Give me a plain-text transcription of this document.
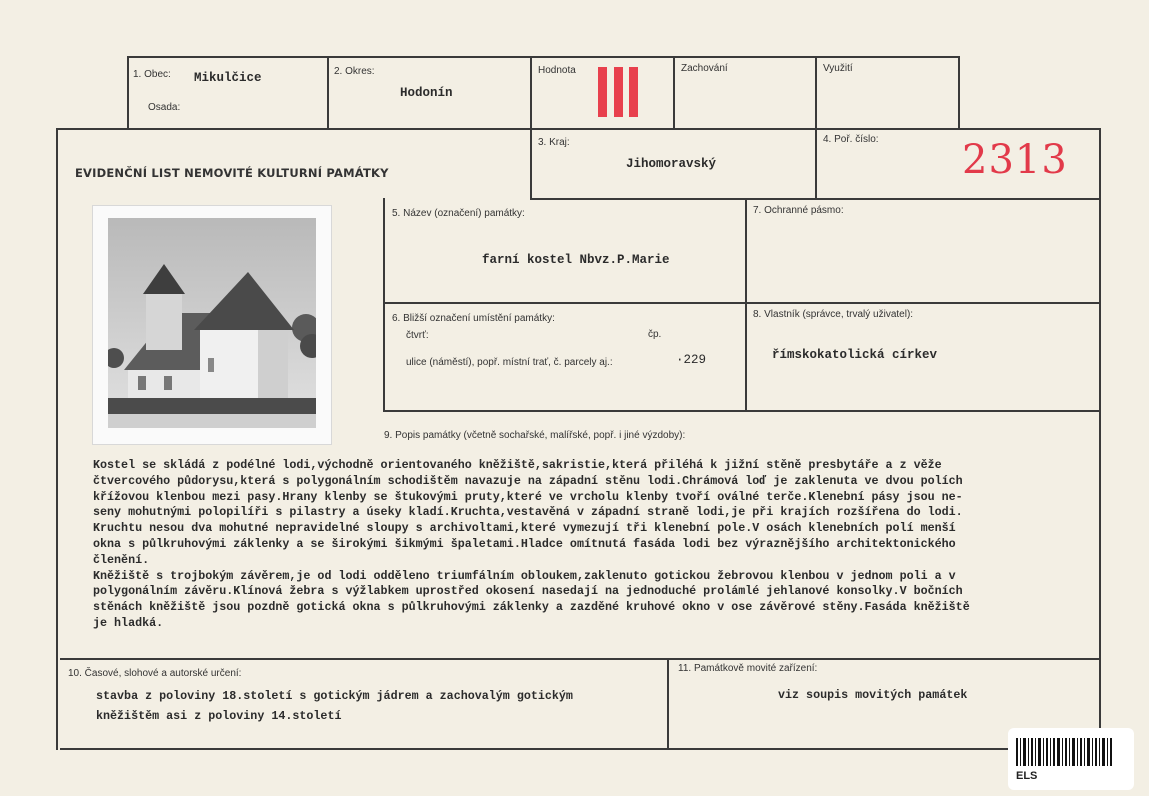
1. Obec: Mikulčice
Osada:
2. Okres:
Hodonín
Hodnota	Zachování	Využití
EVIDENČNÍ LIST NEMOVITÉ KULTURNÍ PAMÁTKY
3. Kraj:
Jihomoravský
4. Poř. číslo: 2313
5. Název (označení) památky:
farní kostel Nbvz.P.Marie
7. Ochranné pásmo:
6. Bližší označení umístění památky:
čtvrť:	čp.
ulice (náměstí), popř. místní trať, č. parcely aj.:	·229
8. Vlastník (správce, trvalý uživatel):
římskokatolická církev
9. Popis památky (včetně sochařské, malířské, popř. i jiné výzdoby):
Kostel se skládá z podélné lodi,východně orientovaného kněžiště,sakristie,která přiléhá k jižní stěně presbytáře a z věže
čtvercového půdorysu,která s polygonálním schodištěm navazuje na západní stěnu lodi.Chrámová loď je zaklenuta ve dvou polích
křížovou klenbou mezi pasy.Hrany klenby se štukovými pruty,které ve vrcholu klenby tvoří oválné terče.Klenební pásy jsou ne-
seny mohutnými polopilíři s pilastry a úseky kladí.Kruchta,vestavěná v západní straně lodi,je při krajích rozšířena do lodi.
Kruchtu nesou dva mohutné nepravidelné sloupy s archivoltami,které vymezují tři klenební pole.V osách klenebních polí menší
okna s půlkruhovými záklenky a se širokými šikmými špaletami.Hladce omítnutá fasáda lodi bez výraznějšího architektonického
členění.
Kněžiště s trojbokým závěrem,je od lodi odděleno triumfálním obloukem,zaklenuto gotickou žebrovou klenbou v jednom poli a v
polygonálním závěru.Klínová žebra s výžlabkem uprostřed okosení nasedají na jednoduché prolámlé jehlanové konsolky.V bočních
stěnách kněžiště jsou pozdně gotická okna s půlkruhovými záklenky a zazděné kruhové okno v ose závěrové stěny.Fasáda kněžiště
je hladká.
10. Časové, slohové a autorské určení:
stavba z poloviny 18.století s gotickým jádrem a zachovalým gotickým
kněžištěm asi z poloviny 14.století
11. Památkově movité zařízení:
viz soupis movitých památek
ELS
